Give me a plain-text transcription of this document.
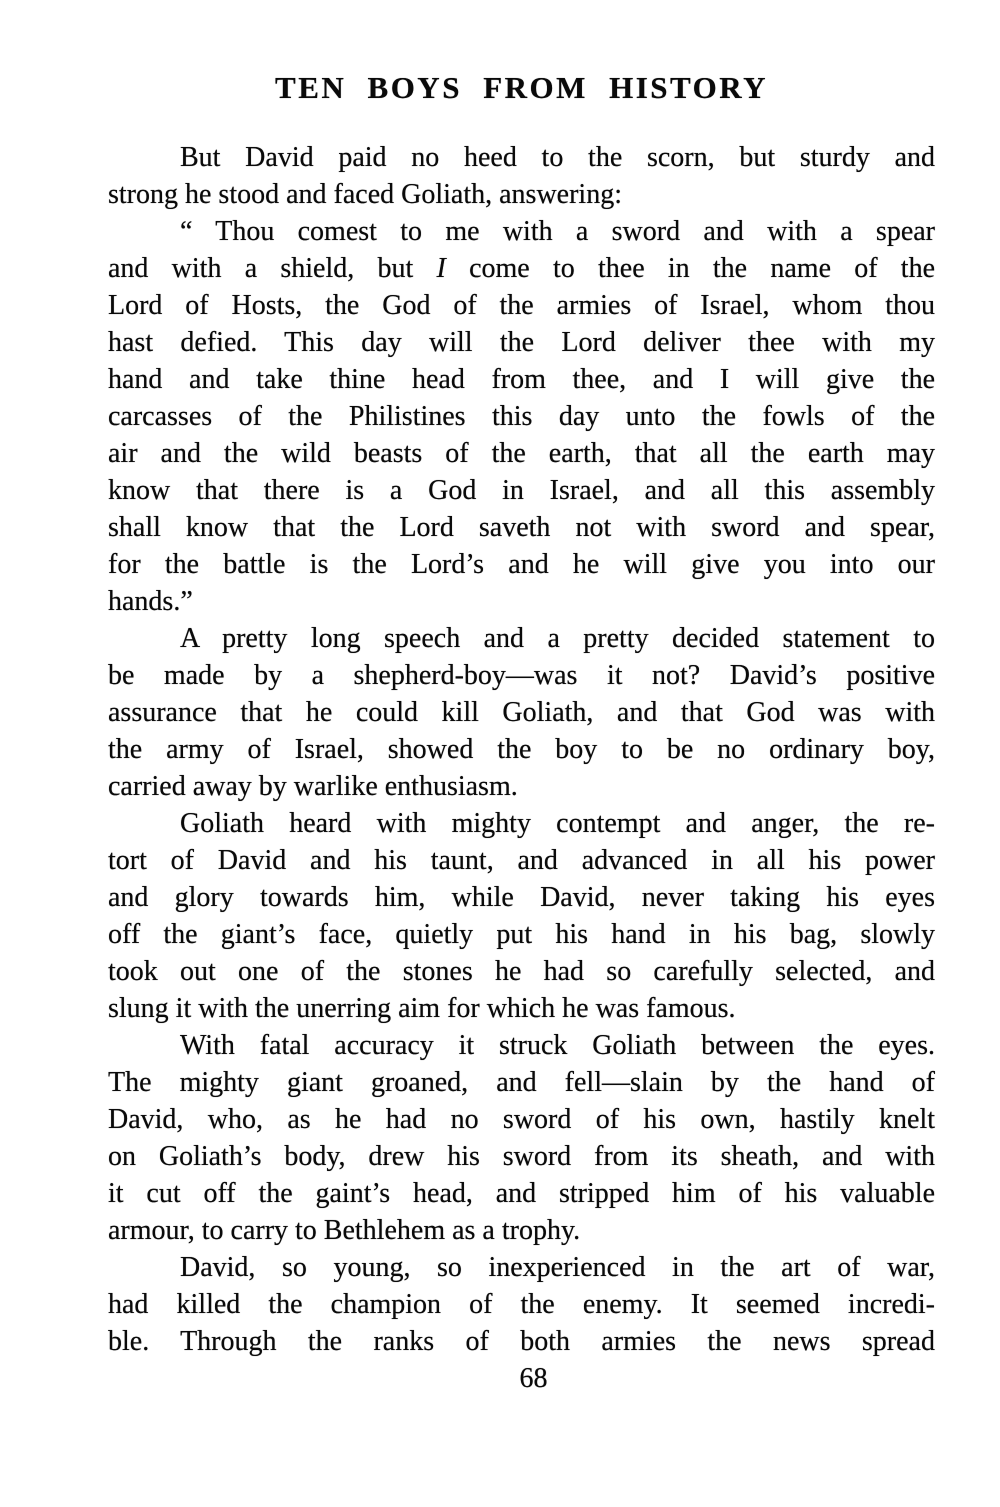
TEN BOYS FROM HISTORY
But David paid no heed to the scorn, but sturdy and
strong he stood and faced Goliath, answering:
“ Thou comest to me with a sword and with a spear
and with a shield, but I come to thee in the name of the
Lord of Hosts, the God of the armies of Israel, whom thou
hast defied. This day will the Lord deliver thee with my
hand and take thine head from thee, and I will give the
carcasses of the Philistines this day unto the fowls of the
air and the wild beasts of the earth, that all the earth may
know that there is a God in Israel, and all this assembly
shall know that the Lord saveth not with sword and spear,
for the battle is the Lord’s and he will give you into our
hands.”
A pretty long speech and a pretty decided statement to
be made by a shepherd-boy—was it not? David’s positive
assurance that he could kill Goliath, and that God was with
the army of Israel, showed the boy to be no ordinary boy,
carried away by warlike enthusiasm.
Goliath heard with mighty contempt and anger, the re-
tort of David and his taunt, and advanced in all his power
and glory towards him, while David, never taking his eyes
off the giant’s face, quietly put his hand in his bag, slowly
took out one of the stones he had so carefully selected, and
slung it with the unerring aim for which he was famous.
With fatal accuracy it struck Goliath between the eyes.
The mighty giant groaned, and fell—slain by the hand of
David, who, as he had no sword of his own, hastily knelt
on Goliath’s body, drew his sword from its sheath, and with
it cut off the gaint’s head, and stripped him of his valuable
armour, to carry to Bethlehem as a trophy.
David, so young, so inexperienced in the art of war,
had killed the champion of the enemy. It seemed incredi-
ble. Through the ranks of both armies the news spread
68
